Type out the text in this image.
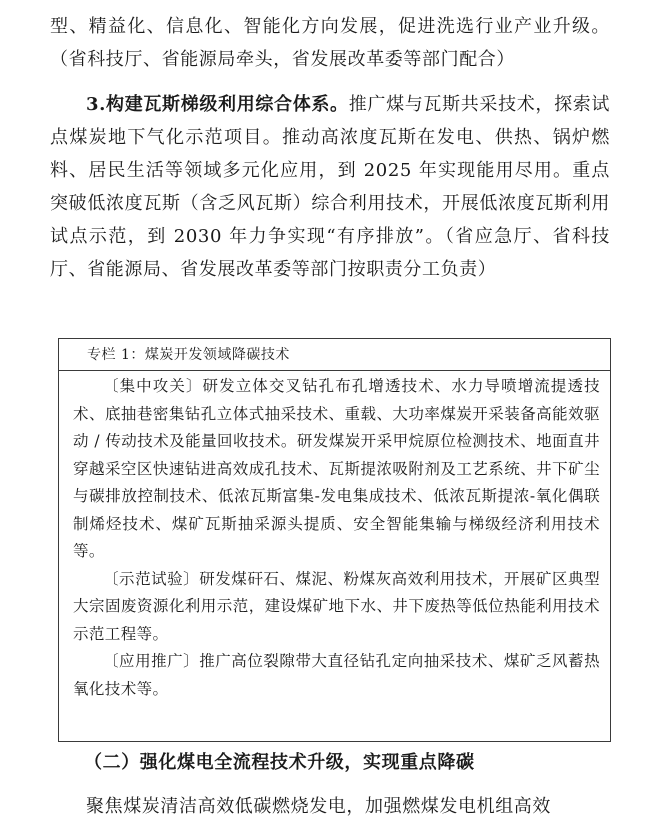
型、精益化、信息化、智能化方向发展，促进洗选行业产业升级。（省科技厅、省能源局牵头，省发展改革委等部门配合）

3.构建瓦斯梯级利用综合体系。推广煤与瓦斯共采技术，探索试点煤炭地下气化示范项目。推动高浓度瓦斯在发电、供热、锅炉燃料、居民生活等领域多元化应用，到 2025 年实现能用尽用。重点突破低浓度瓦斯（含乏风瓦斯）综合利用技术，开展低浓度瓦斯利用试点示范，到 2030 年力争实现“有序排放”。（省应急厅、省科技厅、省能源局、省发展改革委等部门按职责分工负责）

专栏 1：煤炭开发领域降碳技术

〔集中攻关〕研发立体交叉钻孔布孔增透技术、水力导喷增流提透技术、底抽巷密集钻孔立体式抽采技术、重载、大功率煤炭开采装备高能效驱动 / 传动技术及能量回收技术。研发煤炭开采甲烷原位检测技术、地面直井穿越采空区快速钻进高效成孔技术、瓦斯提浓吸附剂及工艺系统、井下矿尘与碳排放控制技术、低浓瓦斯富集-发电集成技术、低浓瓦斯提浓-氧化偶联制烯烃技术、煤矿瓦斯抽采源头提质、安全智能集输与梯级经济利用技术等。

〔示范试验〕研发煤矸石、煤泥、粉煤灰高效利用技术，开展矿区典型大宗固废资源化利用示范，建设煤矿地下水、井下废热等低位热能利用技术示范工程等。

〔应用推广〕推广高位裂隙带大直径钻孔定向抽采技术、煤矿乏风蓄热氧化技术等。

（二）强化煤电全流程技术升级，实现重点降碳

聚焦煤炭清洁高效低碳燃烧发电，加强燃煤发电机组高效
